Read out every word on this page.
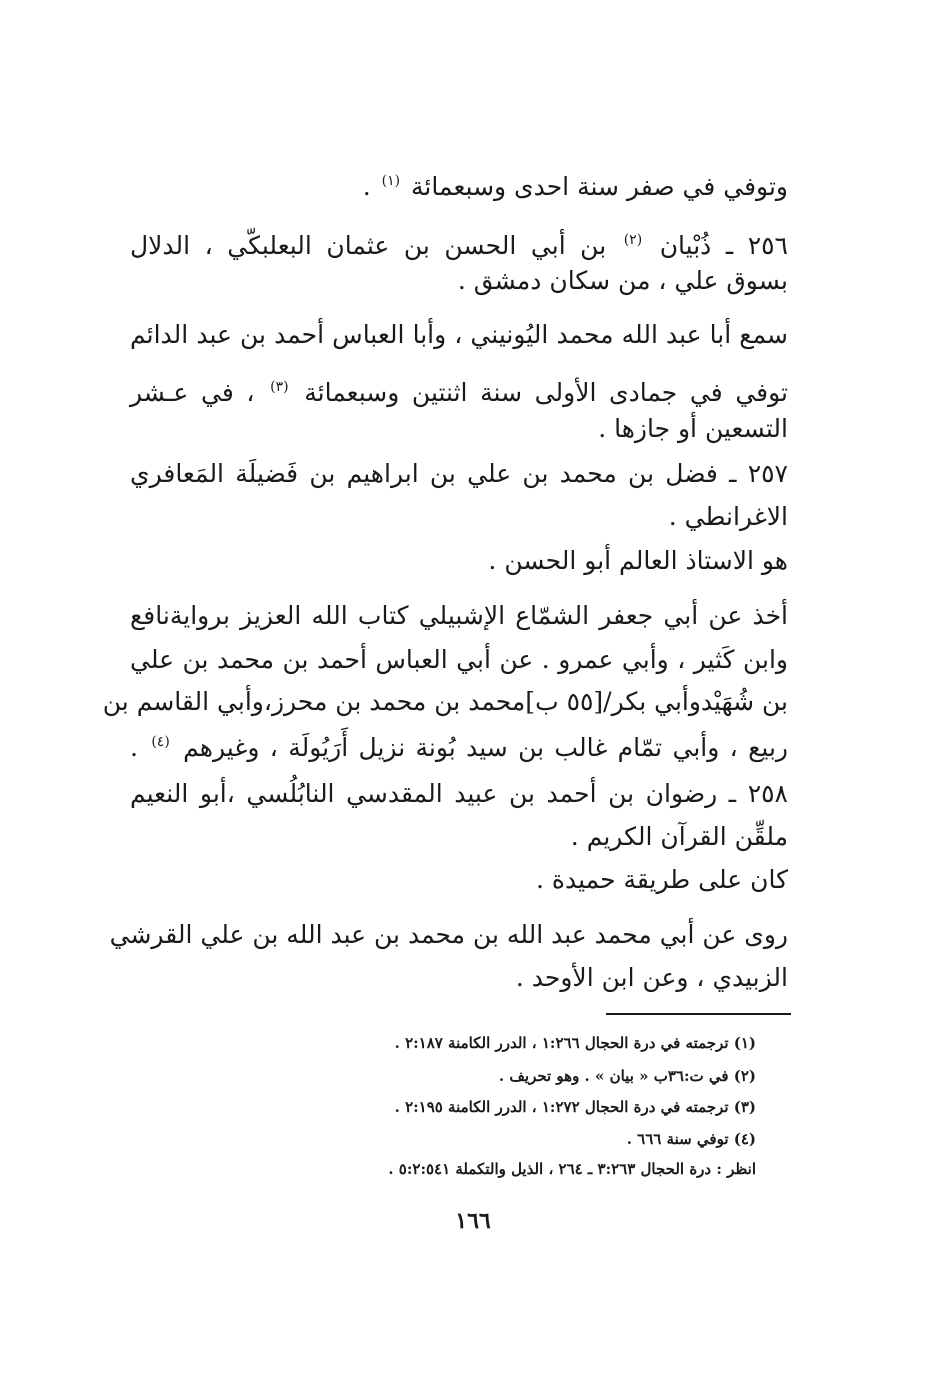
وتوفي في صفر سنة احدى وسبعمائة $^{(١)}$ .
٢٥٦ ـ ذُبْيان $^{(٢)}$ بن أبي الحسن بن عثمان البعلبكّي ، الدلال
بسوق علي ، من سكان دمشق .
سمع أبا عبد الله محمد اليُونيني ، وأبا العباس أحمد بن عبد الدائم
توفي في جمادى الأولى سنة اثنتين وسبعمائة $^{(٣)}$ ، في عـشر
التسعين أو جازها .
٢٥٧ ـ فضل بن محمد بن علي بن ابراهيم بن فَضيلَة المَعافري
الاغرانطي .
هو الاستاذ العالم أبو الحسن .
أخذ عن أبي جعفر الشمّاع الإشبيلي كتاب الله العزيز بروايةنافع
وابن كَثير ، وأبي عمرو . عن أبي العباس أحمد بن محمد بن علي
بن شُهَيْدوأبي بكر/[٥٥ ب]محمد بن محمد بن محرز،وأبي القاسم بن
ربيع ، وأبي تمّام غالب بن سيد بُونة نزيل أَرَيُولَة ، وغيرهم $^{(٤)}$ .
٢٥٨ ـ رضوان بن أحمد بن عبيد المقدسي النابُلُسي ،أبو النعيم
ملقِّن القرآن الكريم .
كان على طريقة حميدة .
روى عن أبي محمد عبد الله بن محمد بن عبد الله بن علي القرشي
الزبيدي ، وعن ابن الأوحد .
(١) ترجمته في درة الحجال ١:٢٦٦ ، الدرر الكامنة ٢:١٨٧ .
(٢) في ت:٣٦ب « بيان » . وهو تحريف .
(٣) ترجمته في درة الحجال ١:٢٧٢ ، الدرر الكامنة ٢:١٩٥ .
(٤) توفي سنة ٦٦٦ .
انظر : درة الحجال ٣:٢٦٣ ـ ٢٦٤ ، الذيل والتكملة ٥:٢:٥٤١ .
١٦٦
